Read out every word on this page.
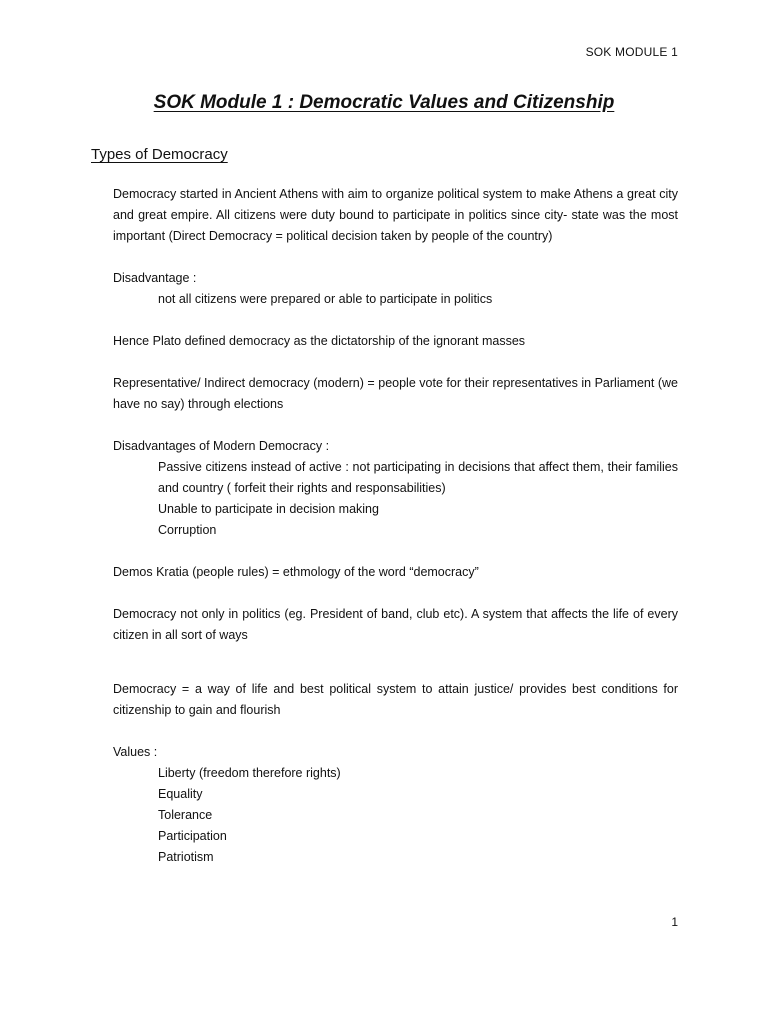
SOK MODULE 1
SOK Module 1 : Democratic Values and Citizenship
Types of Democracy

Democracy started in Ancient Athens with aim to organize political system to make Athens a great city and great empire. All citizens were duty bound to participate in politics since city- state was the most important (Direct Democracy = political decision taken by people of the country)

Disadvantage :

not all citizens were prepared or able to participate in politics

Hence Plato defined democracy as the dictatorship of the ignorant masses

Representative/ Indirect democracy (modern) = people vote for their representatives in Parliament (we have no say) through elections

Disadvantages of Modern Democracy :

Passive citizens instead of active : not participating in decisions that affect them, their families and country ( forfeit their rights and responsabilities)

Unable to participate in decision making

Corruption

Demos Kratia (people rules) = ethmology of the word “democracy”

Democracy not only in politics (eg. President of band, club etc). A system that affects the life of every citizen in all sort of ways

Democracy = a way of life and best political system to attain justice/ provides best conditions for citizenship to gain and flourish

Values :

Liberty (freedom therefore rights)

Equality

Tolerance

Participation

Patriotism

1
